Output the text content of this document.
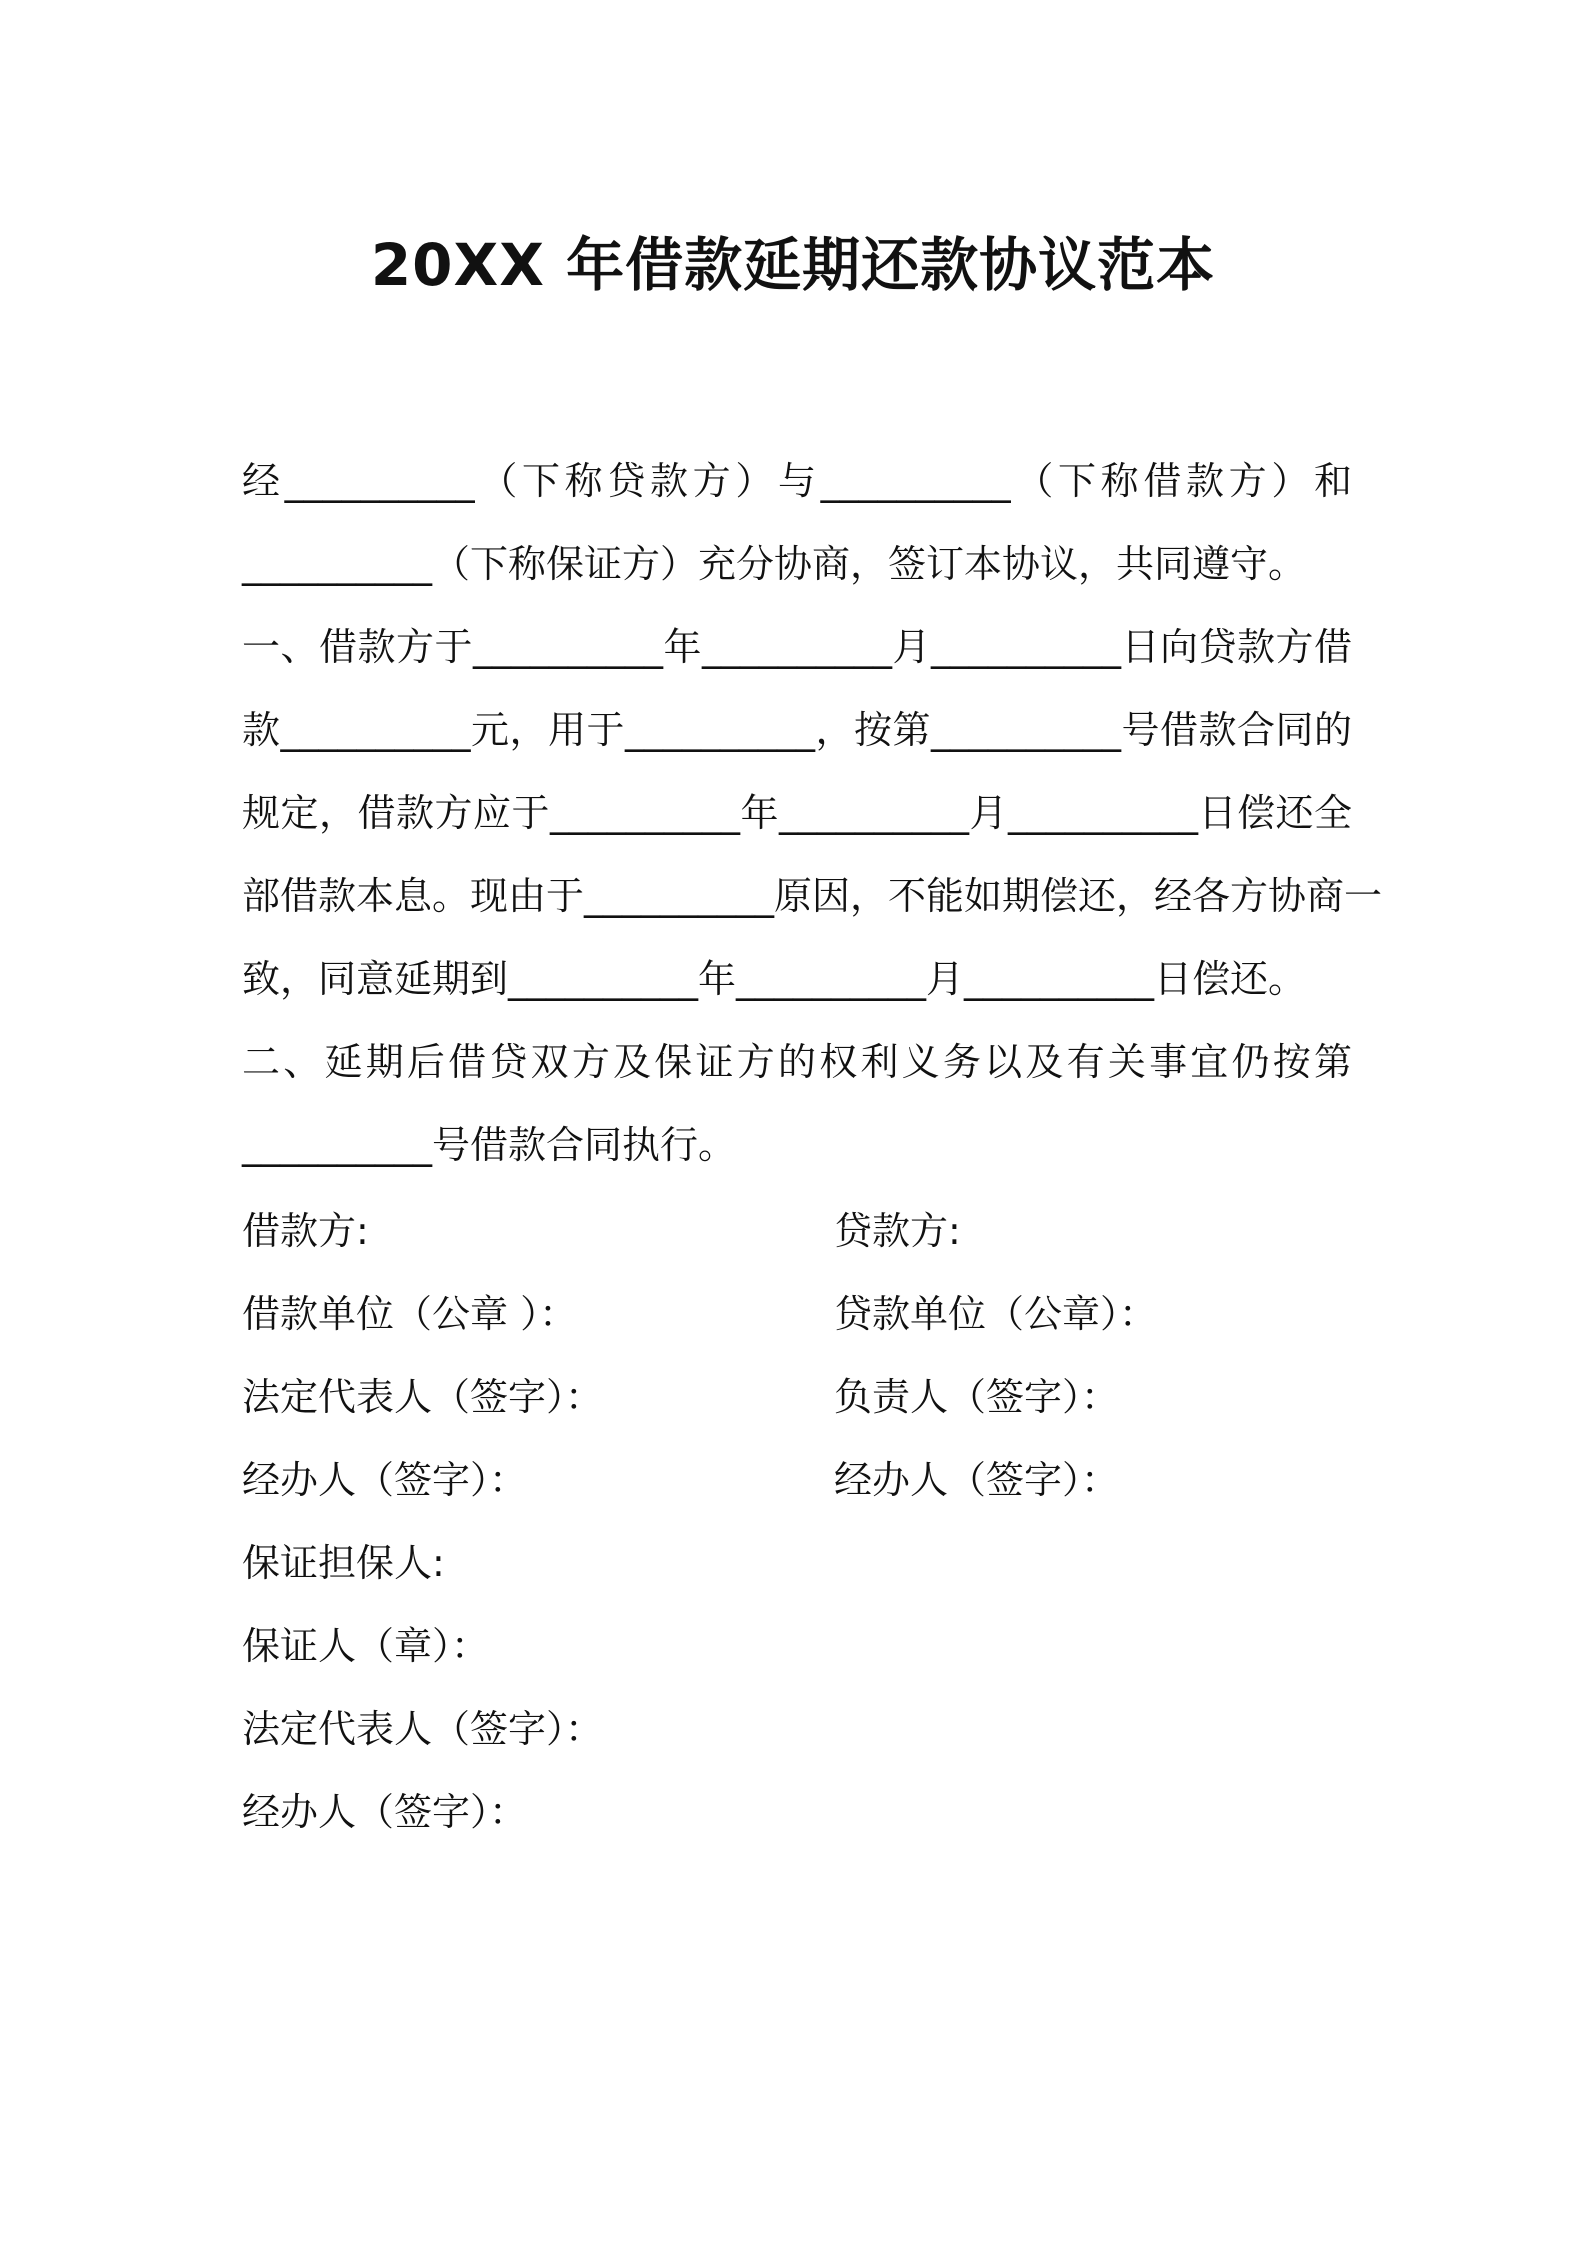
20XX 年借款延期还款协议范本
经__________（下称贷款方）与__________（下称借款方）和
__________（下称保证方）充分协商，签订本协议，共同遵守。
一、借款方于__________年__________月__________日向贷款方借
款__________元，用于__________，按第__________号借款合同的
规定，借款方应于__________年__________月__________日偿还全
部借款本息。现由于__________原因，不能如期偿还，经各方协商一
致，同意延期到__________年__________月__________日偿还。
二、延期后借贷双方及保证方的权利义务以及有关事宜仍按第
__________号借款合同执行。
借款方:	贷款方:
借款单位（公章 ）：	贷款单位（公章）：
法定代表人（签字）：	负责人（签字）：
经办人（签字）：	经办人（签字）：
保证担保人:
保证人（章）：
法定代表人（签字）：
经办人（签字）：
